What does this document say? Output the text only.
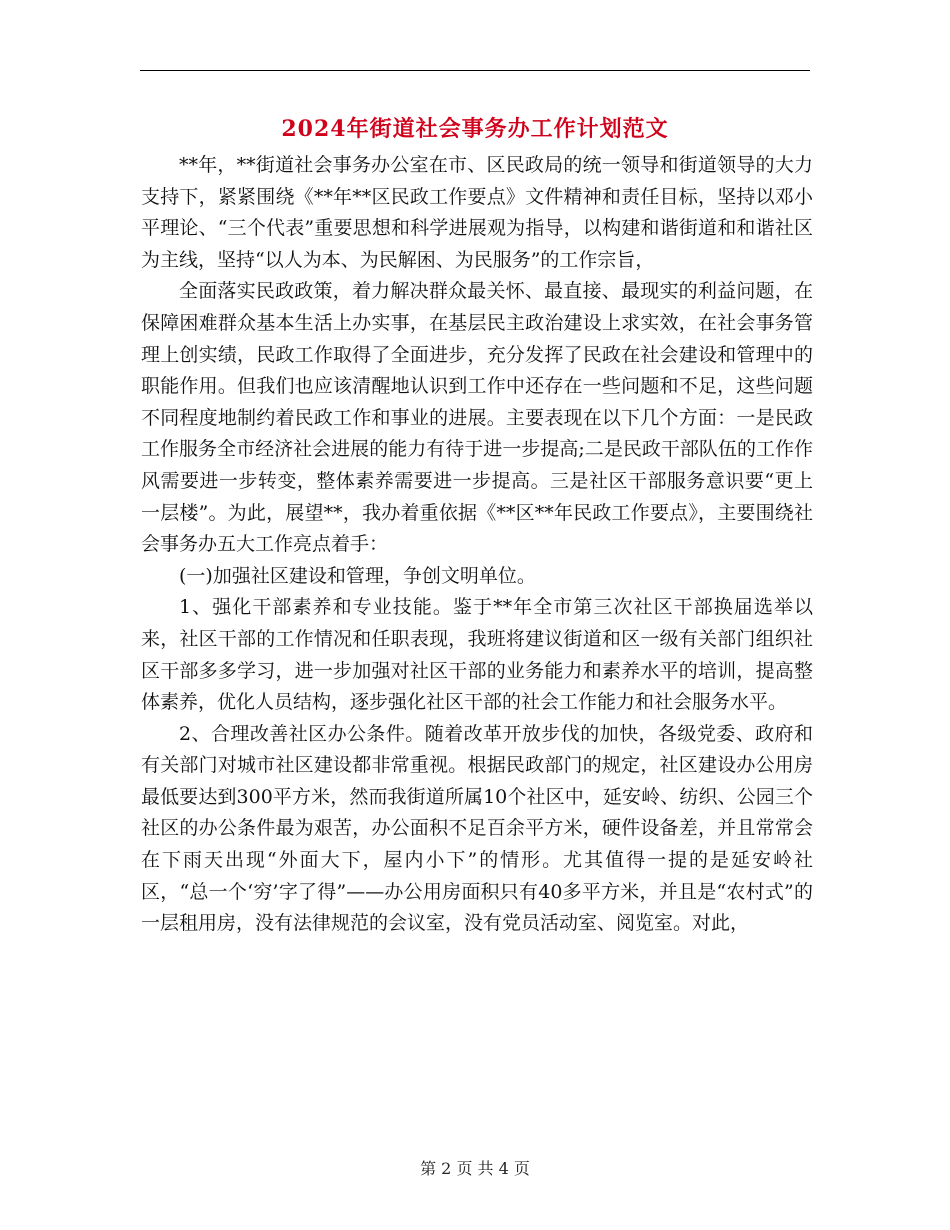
2024年街道社会事务办工作计划范文

**年，**街道社会事务办公室在市、区民政局的统一领导和街道领导的大力支持下，紧紧围绕《**年**区民政工作要点》文件精神和责任目标，坚持以邓小平理论、“三个代表”重要思想和科学进展观为指导，以构建和谐街道和和谐社区为主线，坚持“以人为本、为民解困、为民服务”的工作宗旨，

全面落实民政政策，着力解决群众最关怀、最直接、最现实的利益问题，在保障困难群众基本生活上办实事，在基层民主政治建设上求实效，在社会事务管理上创实绩，民政工作取得了全面进步，充分发挥了民政在社会建设和管理中的职能作用。但我们也应该清醒地认识到工作中还存在一些问题和不足，这些问题不同程度地制约着民政工作和事业的进展。主要表现在以下几个方面：一是民政工作服务全市经济社会进展的能力有待于进一步提高;二是民政干部队伍的工作作风需要进一步转变，整体素养需要进一步提高。三是社区干部服务意识要“更上一层楼”。为此，展望**，我办着重依据《**区**年民政工作要点》，主要围绕社会事务办五大工作亮点着手：

(一)加强社区建设和管理，争创文明单位。

1、强化干部素养和专业技能。鉴于**年全市第三次社区干部换届选举以来，社区干部的工作情况和任职表现，我班将建议街道和区一级有关部门组织社区干部多多学习，进一步加强对社区干部的业务能力和素养水平的培训，提高整体素养，优化人员结构，逐步强化社区干部的社会工作能力和社会服务水平。

2、合理改善社区办公条件。随着改革开放步伐的加快，各级党委、政府和有关部门对城市社区建设都非常重视。根据民政部门的规定，社区建设办公用房最低要达到300平方米，然而我街道所属10个社区中，延安岭、纺织、公园三个社区的办公条件最为艰苦，办公面积不足百余平方米，硬件设备差，并且常常会在下雨天出现“外面大下，屋内小下”的情形。尤其值得一提的是延安岭社区，“总一个‘穷’字了得”——办公用房面积只有40多平方米，并且是“农村式”的一层租用房，没有法律规范的会议室，没有党员活动室、阅览室。对此，

第 2 页 共 4 页
